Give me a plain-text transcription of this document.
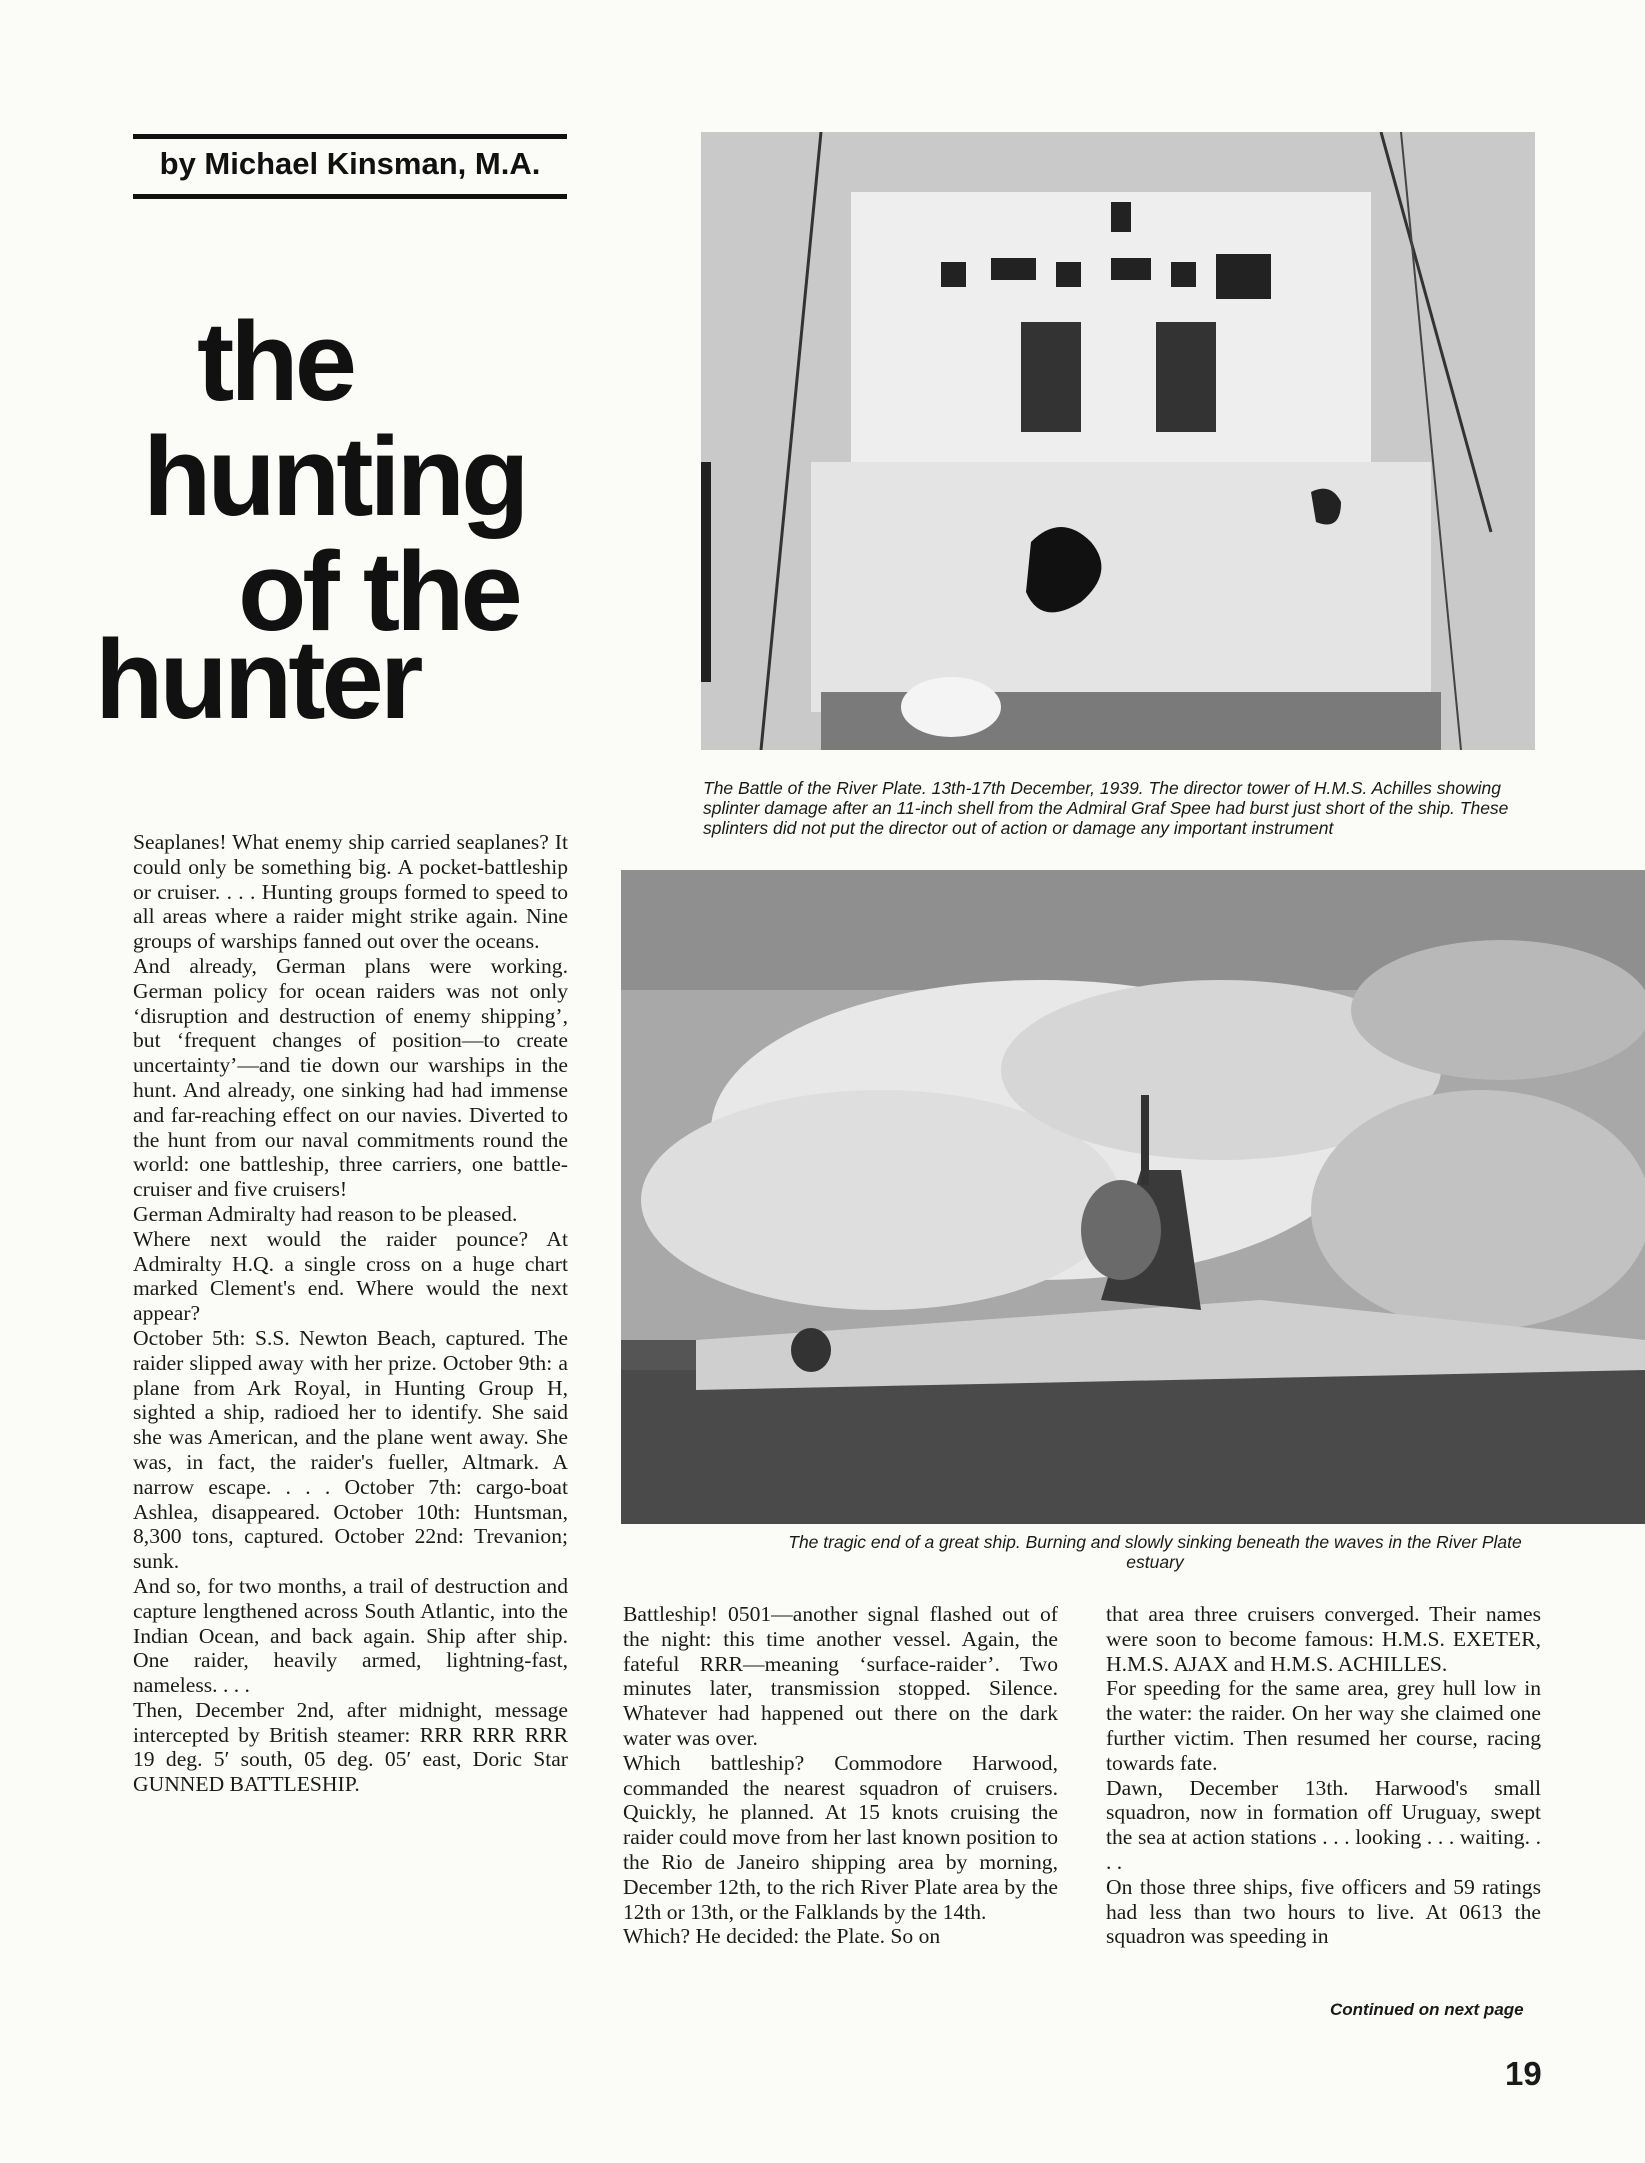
by Michael Kinsman, M.A.
the
hunting
of the
hunter
The Battle of the River Plate. 13th-17th December, 1939. The director tower of H.M.S. Achilles showing splinter damage after an 11-inch shell from the Admiral Graf Spee had burst just short of the ship. These splinters did not put the director out of action or damage any important instrument
The tragic end of a great ship. Burning and slowly sinking beneath the waves in the River Plate estuary

Seaplanes! What enemy ship carried seaplanes? It could only be something big. A pocket-battleship or cruiser. . . . Hunting groups formed to speed to all areas where a raider might strike again. Nine groups of warships fanned out over the oceans.

And already, German plans were working. German policy for ocean raiders was not only ‘disruption and destruction of enemy shipping’, but ‘frequent changes of position—to create uncertainty’—and tie down our warships in the hunt. And already, one sinking had had immense and far-reaching effect on our navies. Diverted to the hunt from our naval commitments round the world: one battleship, three carriers, one battle-cruiser and five cruisers!

German Admiralty had reason to be pleased.

Where next would the raider pounce? At Admiralty H.Q. a single cross on a huge chart marked Clement's end. Where would the next appear?

October 5th: S.S. Newton Beach, captured. The raider slipped away with her prize. October 9th: a plane from Ark Royal, in Hunting Group H, sighted a ship, radioed her to identify. She said she was American, and the plane went away. She was, in fact, the raider's fueller, Altmark. A narrow escape. . . . October 7th: cargo-boat Ashlea, disappeared. October 10th: Huntsman, 8,300 tons, captured. October 22nd: Trevanion; sunk.

And so, for two months, a trail of destruction and capture lengthened across South Atlantic, into the Indian Ocean, and back again. Ship after ship. One raider, heavily armed, lightning-fast, nameless. . . .

Then, December 2nd, after midnight, message intercepted by British steamer: RRR RRR RRR 19 deg. 5′ south, 05 deg. 05′ east, Doric Star GUNNED BATTLESHIP.

Battleship! 0501—another signal flashed out of the night: this time another vessel. Again, the fateful RRR—meaning ‘surface-raider’. Two minutes later, transmission stopped. Silence. Whatever had happened out there on the dark water was over.

Which battleship? Commodore Harwood, commanded the nearest squadron of cruisers. Quickly, he planned. At 15 knots cruising the raider could move from her last known position to the Rio de Janeiro shipping area by morning, December 12th, to the rich River Plate area by the 12th or 13th, or the Falklands by the 14th.

Which? He decided: the Plate. So on

that area three cruisers converged. Their names were soon to become famous: H.M.S. EXETER, H.M.S. AJAX and H.M.S. ACHILLES.

For speeding for the same area, grey hull low in the water: the raider. On her way she claimed one further victim. Then resumed her course, racing towards fate.

Dawn, December 13th. Harwood's small squadron, now in formation off Uruguay, swept the sea at action stations . . . looking . . . waiting. . . .

On those three ships, five officers and 59 ratings had less than two hours to live. At 0613 the squadron was speeding in

Continued on next page
19
